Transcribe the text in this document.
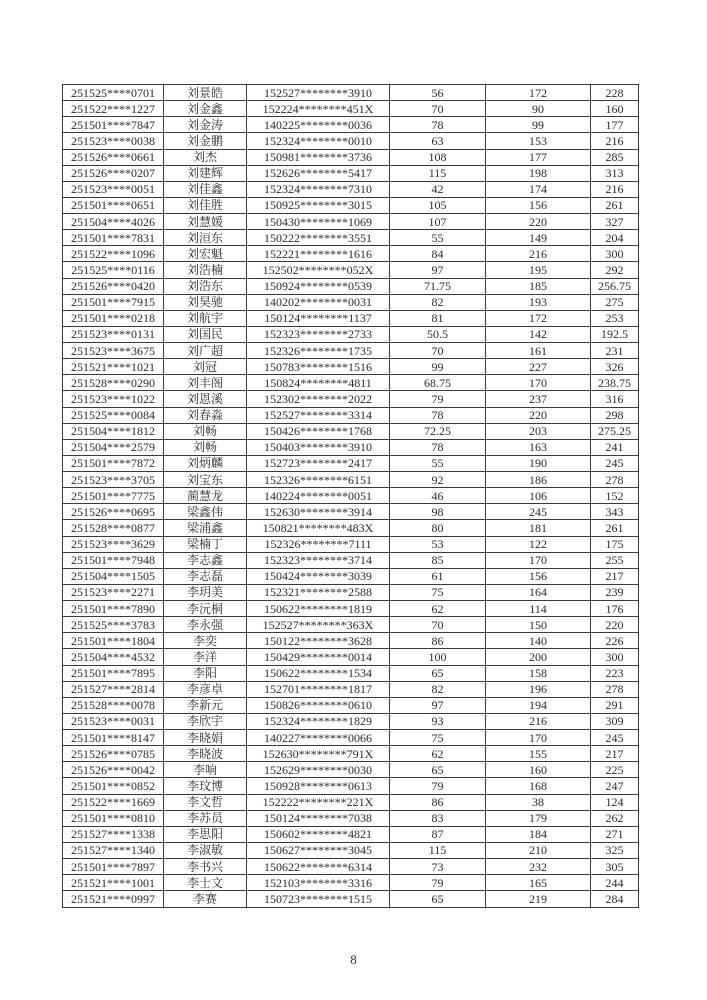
251525****0701	刘景皓	152527********3910	56	172	228
251522****1227	刘金鑫	152224********451X	70	90	160
251501****7847	刘金涛	140225********0036	78	99	177
251523****0038	刘金鹏	152324********0010	63	153	216
251526****0661	刘杰	150981********3736	108	177	285
251526****0207	刘建辉	152626********5417	115	198	313
251523****0051	刘佳鑫	152324********7310	42	174	216
251501****0651	刘佳胜	150925********3015	105	156	261
251504****4026	刘慧媛	150430********1069	107	220	327
251501****7831	刘洹东	150222********3551	55	149	204
251522****1096	刘宏魁	152221********1616	84	216	300
251525****0116	刘浩楠	152502********052X	97	195	292
251526****0420	刘浩东	150924********0539	71.75	185	256.75
251501****7915	刘昊驰	140202********0031	82	193	275
251501****0218	刘航宇	150124********1137	81	172	253
251523****0131	刘国民	152323********2733	50.5	142	192.5
251523****3675	刘广超	152326********1735	70	161	231
251521****1021	刘冠	150783********1516	99	227	326
251528****0290	刘丰阁	150824********4811	68.75	170	238.75
251523****1022	刘恩溪	152302********2022	79	237	316
251525****0084	刘春淼	152527********3314	78	220	298
251504****1812	刘畅	150426********1768	72.25	203	275.25
251504****2579	刘畅	150403********3910	78	163	241
251501****7872	刘炳麟	152723********2417	55	190	245
251523****3705	刘宝东	152326********6151	92	186	278
251501****7775	蔺慧龙	140224********0051	46	106	152
251526****0695	梁鑫伟	152630********3914	98	245	343
251528****0877	梁浦鑫	150821********483X	80	181	261
251523****3629	梁楠丁	152326********7111	53	122	175
251501****7948	李志鑫	152323********3714	85	170	255
251504****1505	李志磊	150424********3039	61	156	217
251523****2271	李玥美	152321********2588	75	164	239
251501****7890	李沅桐	150622********1819	62	114	176
251525****3783	李永强	152527********363X	70	150	220
251501****1804	李奕	150122********3628	86	140	226
251504****4532	李洋	150429********0014	100	200	300
251501****7895	李阳	150622********1534	65	158	223
251527****2814	李彦卓	152701********1817	82	196	278
251528****0078	李新元	150826********0610	97	194	291
251523****0031	李欣宇	152324********1829	93	216	309
251501****8147	李晓娟	140227********0066	75	170	245
251526****0785	李晓波	152630********791X	62	155	217
251526****0042	李响	152629********0030	65	160	225
251501****0852	李玟博	150928********0613	79	168	247
251522****1669	李文哲	152222********221X	86	38	124
251501****0810	李苏员	150124********7038	83	179	262
251527****1338	李思阳	150602********4821	87	184	271
251527****1340	李淑敏	150627********3045	115	210	325
251501****7897	李书兴	150622********6314	73	232	305
251521****1001	李士文	152103********3316	79	165	244
251521****0997	李赛	150723********1515	65	219	284
8
